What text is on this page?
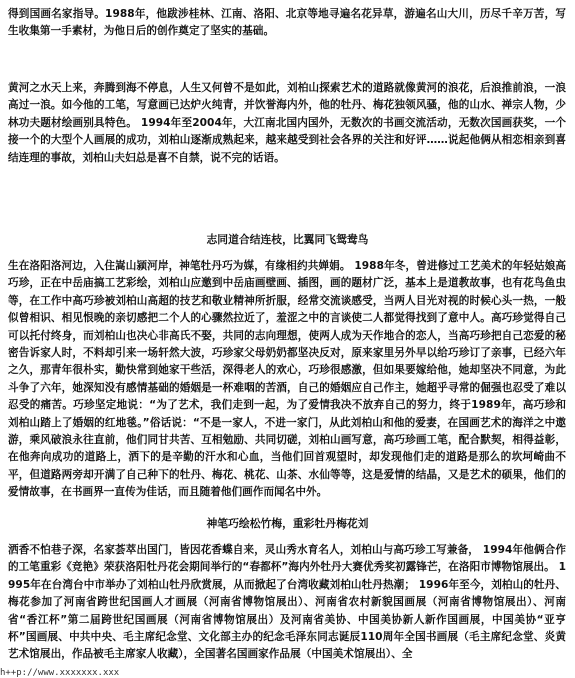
得到国画名家指导。1988年，他跋涉桂林、江南、洛阳、北京等地寻遍名花异草，游遍名山大川，历尽千辛万苦，写生收集第一手素材，为他日后的创作奠定了坚实的基础。

黄河之水天上来，奔腾到海不停息，人生又何曾不是如此，刘柏山探索艺术的道路就像黄河的浪花，后浪推前浪，一浪高过一浪。如今他的工笔，写意画已达炉火纯青，并饮誉海内外，他的牡丹、梅花独领风骚，他的山水、禅宗人物，少林功夫题材绘画别具特色。 1994年至2004年，大江南北国内国外，无数次的书画交流活动，无数次国画获奖，一个接一个的大型个人画展的成功，刘柏山逐渐成熟起来，越来越受到社会各界的关注和好评……说起他俩从相恋相亲到喜结连理的事故，刘柏山夫妇总是喜不自禁，说不完的话语。

志同道合结连枝，比翼同飞鸳鸯鸟

生在洛阳洛河边，入住嵩山颍河岸，神笔牡丹巧为媒，有缘相约共婵娟。 1988年冬，曾进修过工艺美术的年轻姑娘高巧珍，正在中岳庙搞工艺彩绘，刘柏山应邀到中岳庙画壁画、插图，画的题材广泛，基本上是道教故事，也有花鸟鱼虫等，在工作中高巧珍被刘柏山高超的技艺和敬业精神所折服，经常交流谈感受，当两人目光对视的时候心头一热，一般似曾相识、相见恨晚的亲切感把二个人的心骤然拉近了，羞涩之中的言谈使二人都觉得找到了意中人。高巧珍觉得自己可以托付终身，而刘柏山也决心非高氏不娶，共同的志向理想，使两人成为天作地合的恋人，当高巧珍把自己恋爱的秘密告诉家人时，不料却引来一场轩然大波，巧珍家父母奶奶都坚决反对，原来家里另外早以给巧珍订了亲事，已经六年之久，那青年很朴实，勤快常到她家干些活，深得老人的欢心，巧珍很感激，但如果要嫁给他，她却坚决不同意，为此斗争了六年，她深知没有感情基础的婚姻是一杯难咽的苦酒，自己的婚姻应自己作主，她超乎寻常的倔强也忍受了难以忍受的痛苦。巧珍坚定地说：“为了艺术，我们走到一起，为了爱情我决不放弃自己的努力，终于1989年，高巧珍和刘柏山踏上了婚姻的红地毯。”俗话说：“不是一家人，不进一家门，从此刘柏山和他的爱妻，在国画艺术的海洋之中遨游，乘风破浪永往直前，他们同甘共苦、互相勉励、共同切磋，刘柏山画写意，高巧珍画工笔，配合默契，相得益彰，在他奔向成功的道路上，洒下的是辛勤的汗水和心血，当他们回首观望时，却发现他们走的道路是那么的坎坷崎曲不平，但道路两旁却开满了自己种下的牡丹、梅花、桃花、山茶、水仙等等，这是爱情的结晶，又是艺术的硕果，他们的爱情故事，在书画界一直传为佳话，而且随着他们画作而闻名中外。

神笔巧绘松竹梅，重彩牡丹梅花刘

洒香不怕巷子深，名家荟萃出国门，皆因花香蝶自来，灵山秀水育名人，刘柏山与高巧珍工写兼备， 1994年他俩合作的工笔重彩《竞艳》荣获洛阳牡丹花会期间举行的“春都杯”海内外牡丹大赛优秀奖初露锋芒，在洛阳市博物馆展出。 1995年在台湾台中市举办了刘柏山牡丹欣赏展，从而掀起了台湾收藏刘柏山牡丹热潮； 1996年至今，刘柏山的牡丹、梅花参加了河南省跨世纪国画人才画展（河南省博物馆展出）、河南省农村新貌国画展（河南省博物馆展出）、河南省“香江杯”第二届跨世纪国画展（河南省博物馆展出）及河南省美协、中国美协新人新作国画展，中国美协“亚亨杯”国画展、中共中央、毛主席纪念堂、文化部主办的纪念毛泽东同志诞辰110周年全国书画展（毛主席纪念堂、炎黄艺术馆展出，作品被毛主席家人收藏），全国著名国画家作品展（中国美术馆展出）、全

h++p://www.xxxxxxx.xxx
